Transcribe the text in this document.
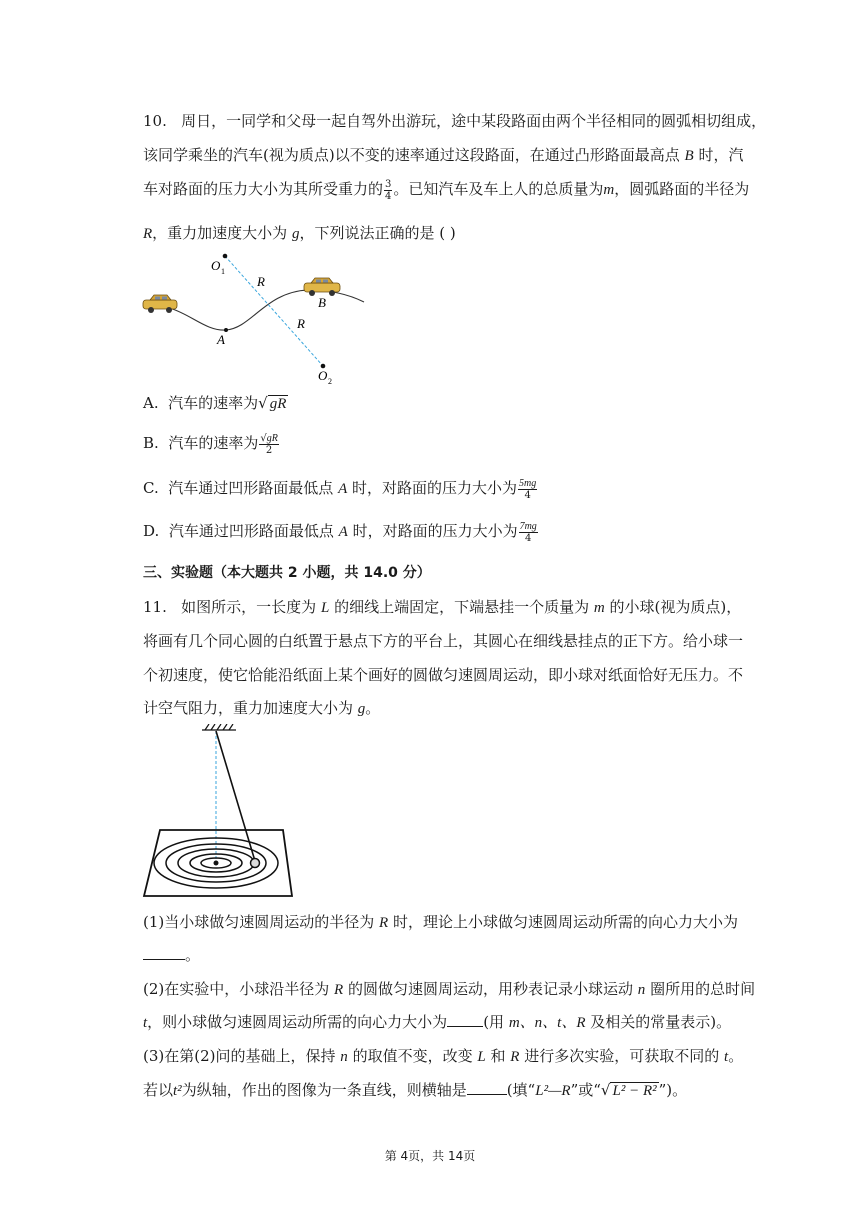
10. 周日，一同学和父母一起自驾外出游玩，途中某段路面由两个半径相同的圆弧相切组成，
该同学乘坐的汽车(视为质点)以不变的速率通过这段路面，在通过凸形路面最高点 B 时，汽
车对路面的压力大小为其所受重力的 $\frac{3}{4}$ 。已知汽车及车上人的总质量为m，圆弧路面的半径为
R，重力加速度大小为 g，下列说法正确的是 ( )
O 1
R
B
R
A
O 2
A. 汽车的速率为√ gR
B. 汽车的速率为 $\frac{√gR}{2}$
C. 汽车通过凹形路面最低点 A 时，对路面的压力大小为 $\frac{5mg}{4}$
D. 汽车通过凹形路面最低点 A 时，对路面的压力大小为 $\frac{7mg}{4}$
三、实验题（本大题共 2 小题，共 14.0 分）
11. 如图所示，一长度为 L 的细线上端固定，下端悬挂一个质量为 m 的小球(视为质点)，
将画有几个同心圆的白纸置于悬点下方的平台上，其圆心在细线悬挂点的正下方。给小球一
个初速度，使它恰能沿纸面上某个画好的圆做匀速圆周运动，即小球对纸面恰好无压力。不
计空气阻力，重力加速度大小为 g。
(1)当小球做匀速圆周运动的半径为 R 时，理论上小球做匀速圆周运动所需的向心力大小为
。
(2)在实验中，小球沿半径为 R 的圆做匀速圆周运动，用秒表记录小球运动 n 圈所用的总时间
t，则小球做匀速圆周运动所需的向心力大小为 (用 m、n、t、R 及相关的常量表示)。
(3)在第(2)问的基础上，保持 n 的取值不变，改变 L 和 R 进行多次实验，可获取不同的 t。
若以t²为纵轴，作出的图像为一条直线，则横轴是	(填“L²—R”或“√ L² − R² ”)。
第 4页，共 14页
